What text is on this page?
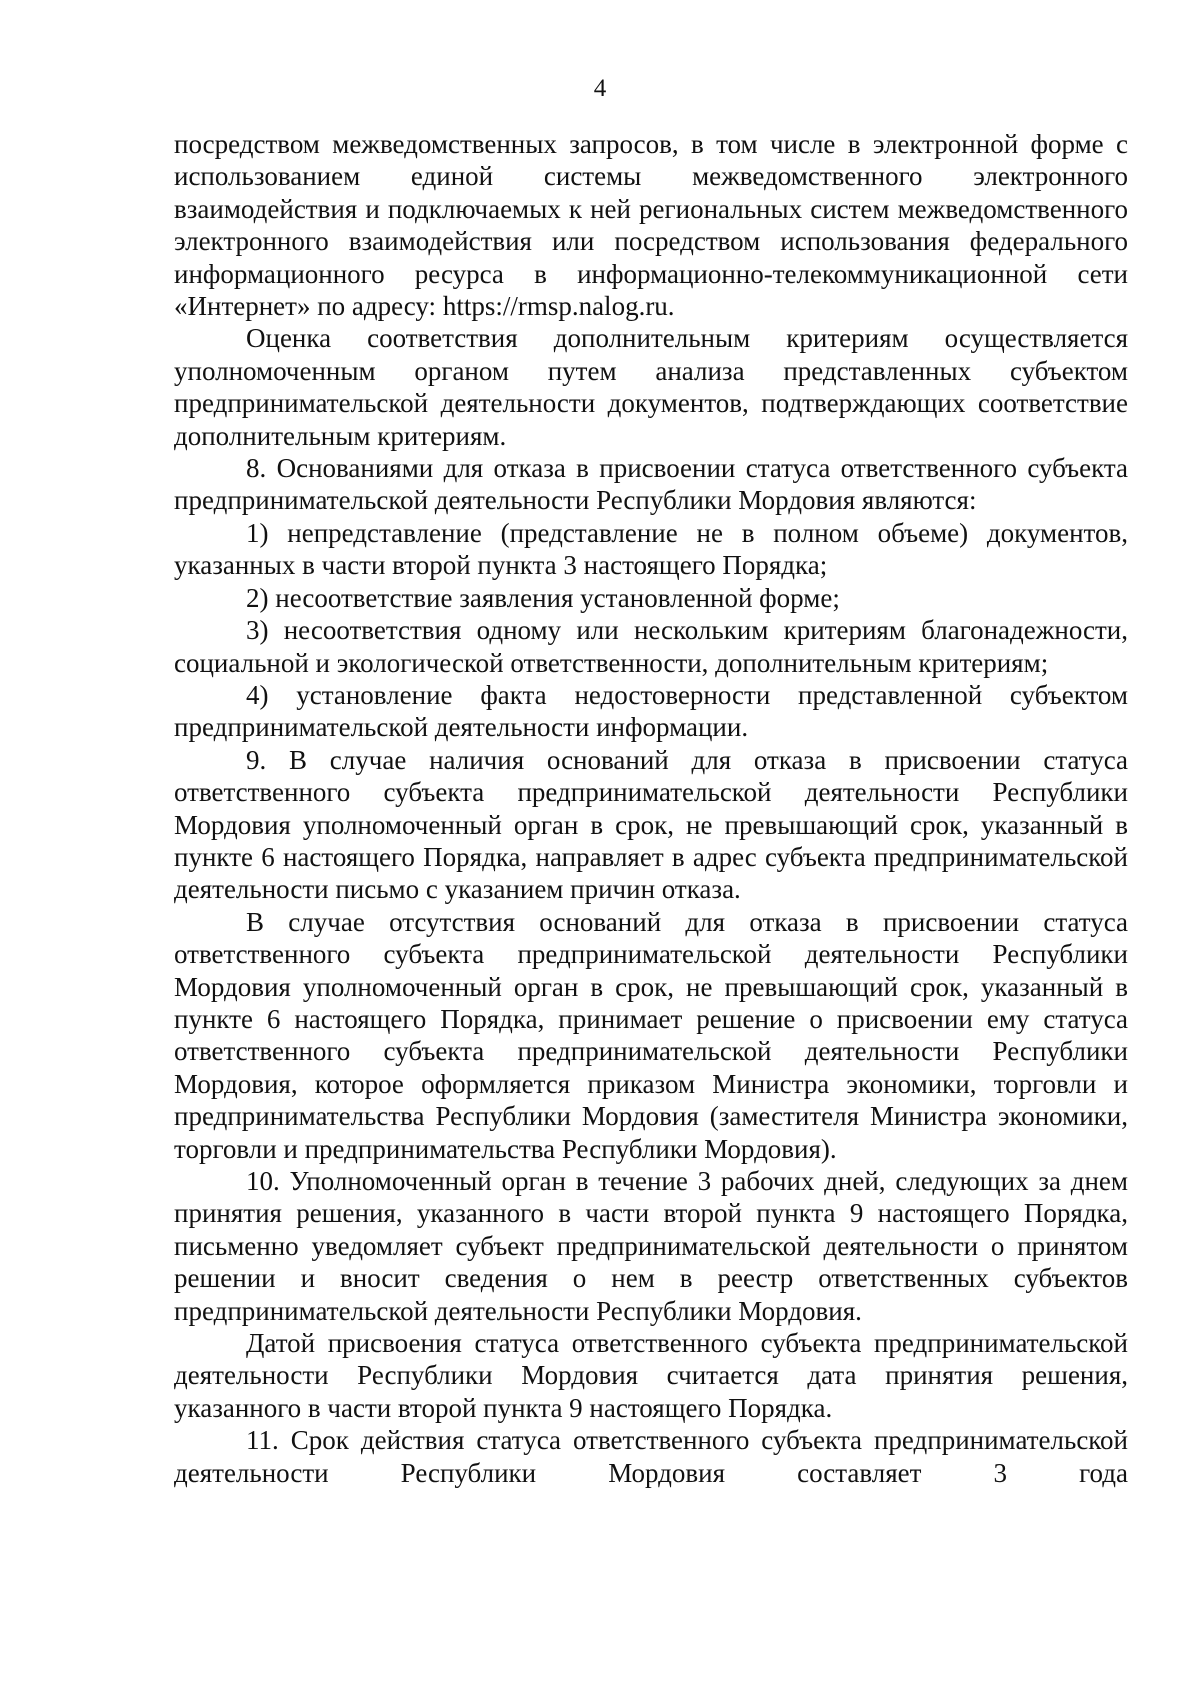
4

посредством межведомственных запросов, в том числе в электронной форме с использованием единой системы межведомственного электронного взаимодействия и подключаемых к ней региональных систем межведомственного электронного взаимодействия или посредством использования федерального информационного ресурса в информационно-телекоммуникационной сети «Интернет» по адресу: https://rmsp.nalog.ru.

Оценка соответствия дополнительным критериям осуществляется уполномоченным органом путем анализа представленных субъектом предпринимательской деятельности документов, подтверждающих соответствие дополнительным критериям.

8. Основаниями для отказа в присвоении статуса ответственного субъекта предпринимательской деятельности Республики Мордовия являются:

1) непредставление (представление не в полном объеме) документов, указанных в части второй пункта 3 настоящего Порядка;

2) несоответствие заявления установленной форме;

3) несоответствия одному или нескольким критериям благонадежности, социальной и экологической ответственности, дополнительным критериям;

4) установление факта недостоверности представленной субъектом предпринимательской деятельности информации.

9. В случае наличия оснований для отказа в присвоении статуса ответственного субъекта предпринимательской деятельности Республики Мордовия уполномоченный орган в срок, не превышающий срок, указанный в пункте 6 настоящего Порядка, направляет в адрес субъекта предпринимательской деятельности письмо с указанием причин отказа.

В случае отсутствия оснований для отказа в присвоении статуса ответственного субъекта предпринимательской деятельности Республики Мордовия уполномоченный орган в срок, не превышающий срок, указанный в пункте 6 настоящего Порядка, принимает решение о присвоении ему статуса ответственного субъекта предпринимательской деятельности Республики Мордовия, которое оформляется приказом Министра экономики, торговли и предпринимательства Республики Мордовия (заместителя Министра экономики, торговли и предпринимательства Республики Мордовия).

10. Уполномоченный орган в течение 3 рабочих дней, следующих за днем принятия решения, указанного в части второй пункта 9 настоящего Порядка, письменно уведомляет субъект предпринимательской деятельности о принятом решении и вносит сведения о нем в реестр ответственных субъектов предпринимательской деятельности Республики Мордовия.

Датой присвоения статуса ответственного субъекта предпринимательской деятельности Республики Мордовия считается дата принятия решения, указанного в части второй пункта 9 настоящего Порядка.

11. Срок действия статуса ответственного субъекта предпринимательской деятельности Республики Мордовия составляет 3 года
